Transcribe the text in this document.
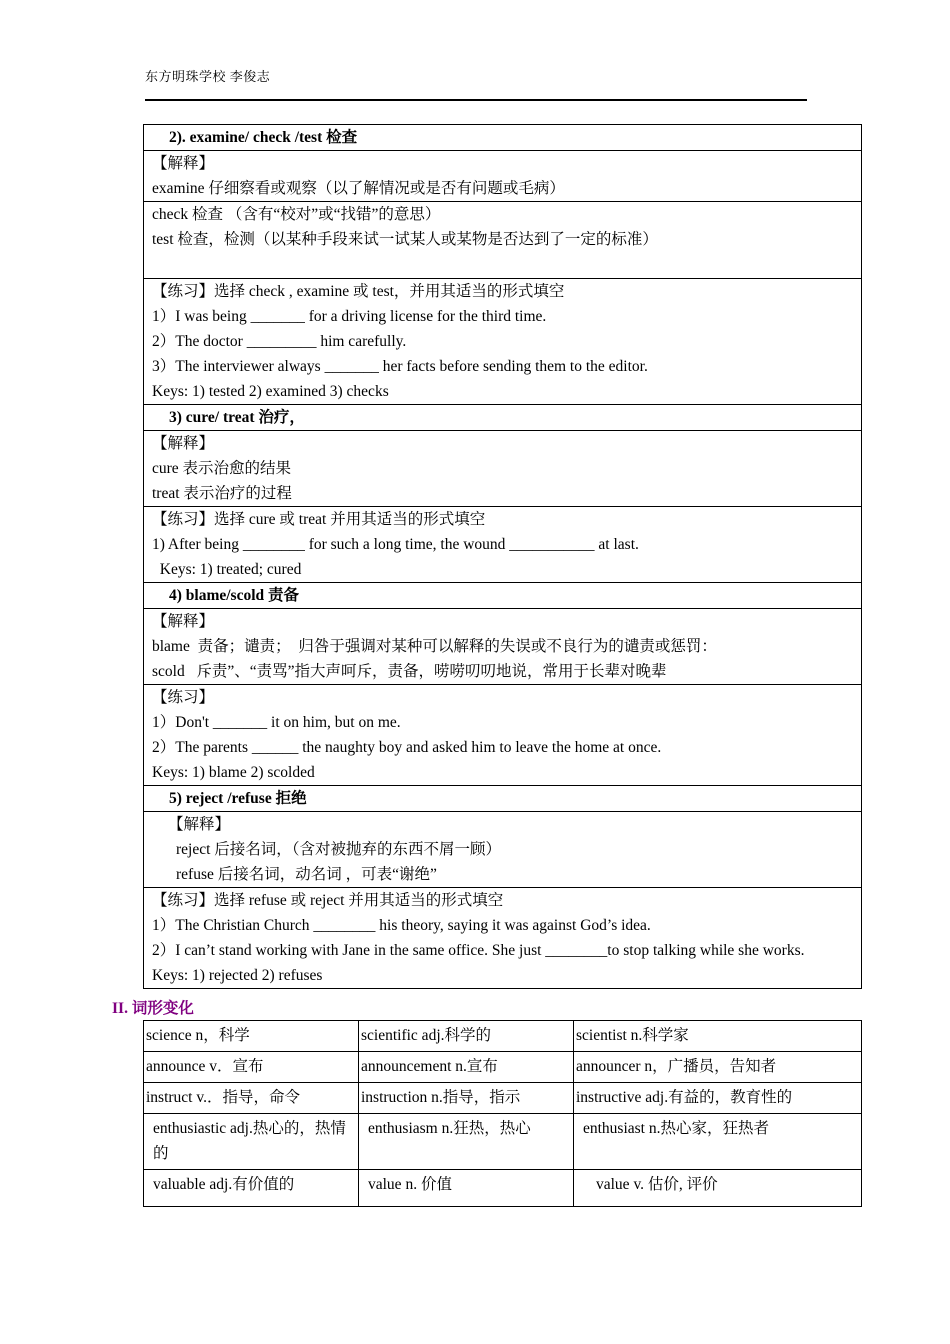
东方明珠学校 李俊志
2). examine/ check /test 检查
【解释】
examine 仔细察看或观察（以了解情况或是否有问题或毛病）
check 检查 （含有“校对”或“找错”的意思）
test 检查，检测（以某种手段来试一试某人或某物是否达到了一定的标准）
【练习】选择 check , examine 或 test，并用其适当的形式填空
1）I was being _______ for a driving license for the third time.
2）The doctor _________ him carefully.
3）The interviewer always _______ her facts before sending them to the editor.
Keys: 1) tested 2) examined 3) checks
3) cure/ treat 治疗，
【解释】
cure 表示治愈的结果
treat 表示治疗的过程
【练习】选择 cure 或 treat 并用其适当的形式填空
1) After being ________ for such a long time, the wound ___________ at last.
Keys: 1) treated; cured
4) blame/scold 责备
【解释】
blame  责备；谴责；  归咎于强调对某种可以解释的失误或不良行为的谴责或惩罚：
scold   斥责”、“责骂”指大声呵斥，责备，唠唠叨叨地说，常用于长辈对晚辈
【练习】
1）Don't _______ it on him, but on me.
2）The parents ______ the naughty boy and asked him to leave the home at once.
Keys: 1) blame 2) scolded
5) reject /refuse 拒绝
【解释】
reject 后接名词，（含对被抛弃的东西不屑一顾）
refuse 后接名词，动名词 ，可表“谢绝”
【练习】选择 refuse 或 reject 并用其适当的形式填空
1）The Christian Church ________ his theory, saying it was against God’s idea.
2）I can’t stand working with Jane in the same office. She just ________to stop talking while she works.
Keys: 1) rejected 2) refuses
II. 词形变化
science n，科学	scientific adj.科学的	scientist n.科学家
announce v．宣布	announcement n.宣布	announcer n，广播员，告知者
instruct v.．指导，命令	instruction n.指导，指示	instructive adj.有益的，教育性的
enthusiastic adj.热心的，热情的	enthusiasm n.狂热，热心	enthusiast n.热心家，狂热者
valuable adj.有价值的	value n. 价值	value v. 估价, 评价
